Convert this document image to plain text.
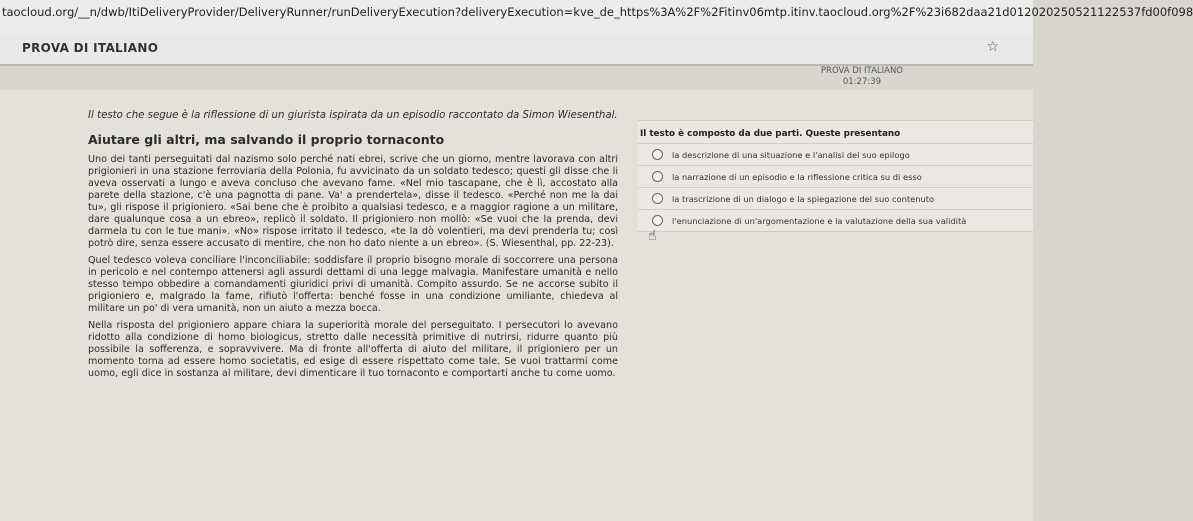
taocloud.org/__n/dwb/ItiDeliveryProvider/DeliveryRunner/runDeliveryExecution?deliveryExecution=kve_de_https%3A%2F%2Fitinv06mtp.itinv.taocloud.org%2F%23i682daa21d01202025052112253​7fd00f098
PROVA DI ITALIANO	☆
PROVA DI ITALIANO
01:27:39
Il testo che segue è la riflessione di un giurista ispirata da un episodio raccontato da Simon Wiesenthal.
Aiutare gli altri, ma salvando il proprio tornaconto

Uno dei tanti perseguitati dal nazismo solo perché nati ebrei, scrive che un giorno, mentre lavorava con altri prigionieri in una stazione ferroviaria della Polonia, fu avvicinato da un soldato tedesco; questi gli disse che li aveva osservati a lungo e aveva concluso che avevano fame. «Nel mio tascapane, che è lì, accostato alla parete della stazione, c'è una pagnotta di pane. Va' a prendertela», disse il tedesco. «Perché non me la dai tu», gli rispose il prigioniero. «Sai bene che è proibito a qualsiasi tedesco, e a maggior ragione a un militare, dare qualunque cosa a un ebreo», replicò il soldato. Il prigioniero non mollò: «Se vuoi che la prenda, devi darmela tu con le tue mani». «No» rispose irritato il tedesco, «te la dò volentieri, ma devi prenderla tu; così potrò dire, senza essere accusato di mentire, che non ho dato niente a un ebreo». (S. Wiesenthal, pp. 22-23).

Quel tedesco voleva conciliare l'inconciliabile: soddisfare il proprio bisogno morale di soccorrere una persona in pericolo e nel contempo attenersi agli assurdi dettami di una legge malvagia. Manifestare umanità e nello stesso tempo obbedire a comandamenti giuridici privi di umanità. Compito assurdo. Se ne accorse subito il prigioniero e, malgrado la fame, rifiutò l'offerta: benché fosse in una condizione umiliante, chiedeva al militare un po' di vera umanità, non un aiuto a mezza bocca.

Nella risposta del prigioniero appare chiara la superiorità morale del perseguitato. I persecutori lo avevano ridotto alla condizione di homo biologicus, stretto dalle necessità primitive di nutrirsi, ridurre quanto più possibile la sofferenza, e sopravvivere. Ma di fronte all'offerta di aiuto del militare, il prigioniero per un momento torna ad essere homo societatis, ed esige di essere rispettato come tale. Se vuoi trattarmi come uomo, egli dice in sostanza al militare, devi dimenticare il tuo tornaconto e comportarti anche tu come uomo.

Il testo è composto da due parti. Queste presentano
la descrizione di una situazione e l'analisi del suo epilogo
la narrazione di un episodio e la riflessione critica su di esso
la trascrizione di un dialogo e la spiegazione del suo contenuto
l'enunciazione di un'argomentazione e la valutazione della sua validità
☝
